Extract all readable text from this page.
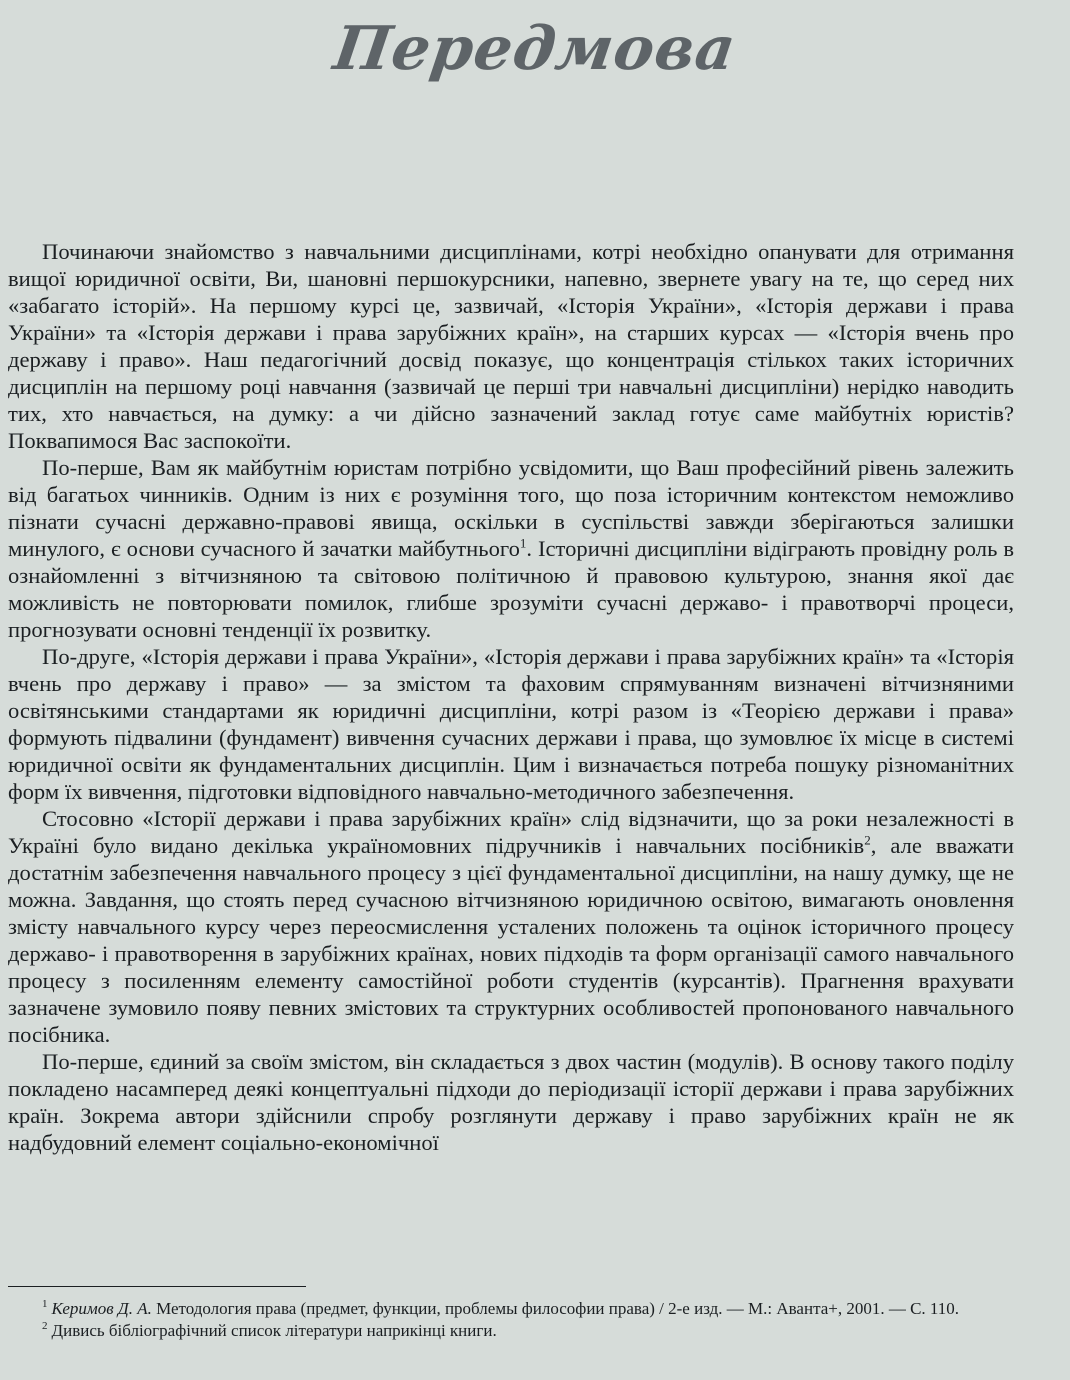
Передмова

Починаючи знайомство з навчальними дисциплінами, котрі необхідно опанувати для отримання вищої юридичної освіти, Ви, шановні першокурсники, напевно, звернете увагу на те, що серед них «забагато історій». На першому курсі це, зазвичай, «Історія України», «Історія держави і права України» та «Історія держави і права зарубіжних країн», на старших курсах — «Історія вчень про державу і право». Наш педагогічний досвід показує, що концентрація стількох таких історичних дисциплін на першому році навчання (зазвичай це перші три навчальні дисципліни) нерідко наводить тих, хто навчається, на думку: а чи дійсно зазначений заклад готує саме майбутніх юристів? Поквапимося Вас заспокоїти.

По-перше, Вам як майбутнім юристам потрібно усвідомити, що Ваш професійний рівень залежить від багатьох чинників. Одним із них є розуміння того, що поза історичним контекстом неможливо пізнати сучасні державно-правові явища, оскільки в суспільстві завжди зберігаються залишки минулого, є основи сучасного й зачатки майбутнього$^1$. Історичні дисципліни відіграють провідну роль в ознайомленні з вітчизняною та світовою політичною й правовою культурою, знання якої дає можливість не повторювати помилок, глибше зрозуміти сучасні державо- і правотворчі процеси, прогнозувати основні тенденції їх розвитку.

По-друге, «Історія держави і права України», «Історія держави і права зарубіжних країн» та «Історія вчень про державу і право» — за змістом та фаховим спрямуванням визначені вітчизняними освітянськими стандартами як юридичні дисципліни, котрі разом із «Теорією держави і права» формують підвалини (фундамент) вивчення сучасних держави і права, що зумовлює їх місце в системі юридичної освіти як фундаментальних дисциплін. Цим і визначається потреба пошуку різноманітних форм їх вивчення, підготовки відповідного навчально-методичного забезпечення.

Стосовно «Історії держави і права зарубіжних країн» слід відзначити, що за роки незалежності в Україні було видано декілька україномовних підручників і навчальних посібників$^2$, але вважати достатнім забезпечення навчального процесу з цієї фундаментальної дисципліни, на нашу думку, ще не можна. Завдання, що стоять перед сучасною вітчизняною юридичною освітою, вимагають оновлення змісту навчального курсу через переосмислення усталених положень та оцінок історичного процесу державо- і правотворення в зарубіжних країнах, нових підходів та форм організації самого навчального процесу з посиленням елементу самостійної роботи студентів (курсантів). Прагнення врахувати зазначене зумовило появу певних змістових та структурних особливостей пропонованого навчального посібника.

По-перше, єдиний за своїм змістом, він складається з двох частин (модулів). В основу такого поділу покладено насамперед деякі концептуальні підходи до періодизації історії держави і права зарубіжних країн. Зокрема автори здійснили спробу розглянути державу і право зарубіжних країн не як надбудовний елемент соціально-економічної

$^1$ Керимов Д. А. Методология права (предмет, функции, проблемы философии права) / 2-е изд. — М.: Аванта+, 2001. — С. 110.

$^2$ Дивись бібліографічний список літератури наприкінці книги.
